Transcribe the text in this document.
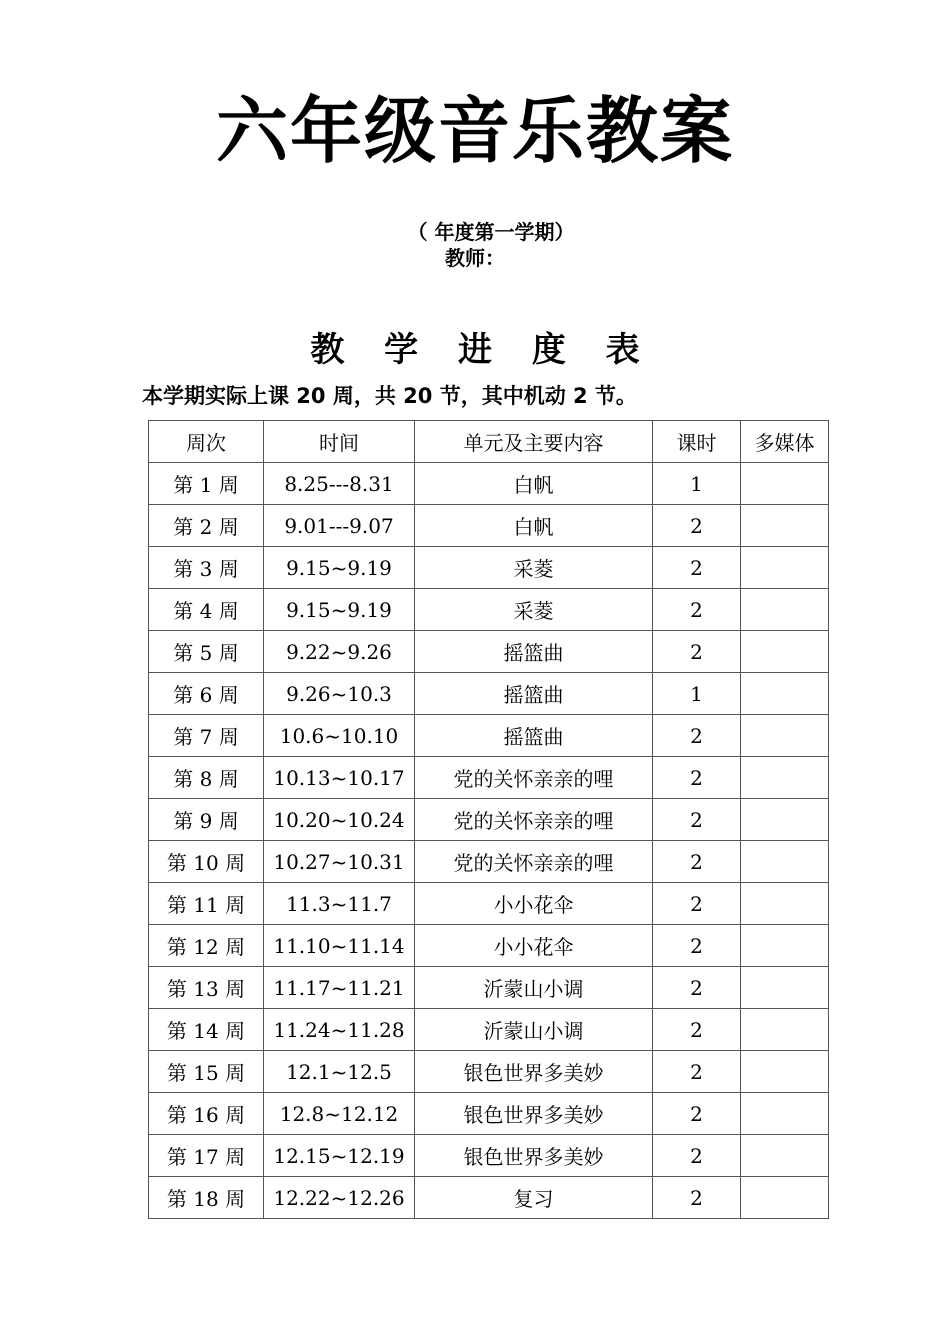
六年级音乐教案
（ 年度第一学期）
教师：
教 学 进 度 表
本学期实际上课 20 周，共 20 节，其中机动 2 节。
周次	时间	单元及主要内容	课时	多媒体
第 1 周	8.25---8.31	白帆	1	
第 2 周	9.01---9.07	白帆	2	
第 3 周	9.15~9.19	采菱	2	
第 4 周	9.15~9.19	采菱	2	
第 5 周	9.22~9.26	摇篮曲	2	
第 6 周	9.26~10.3	摇篮曲	1	
第 7 周	10.6~10.10	摇篮曲	2	
第 8 周	10.13~10.17	党的关怀亲亲的哩	2	
第 9 周	10.20~10.24	党的关怀亲亲的哩	2	
第 10 周	10.27~10.31	党的关怀亲亲的哩	2	
第 11 周	11.3~11.7	小小花伞	2	
第 12 周	11.10~11.14	小小花伞	2	
第 13 周	11.17~11.21	沂蒙山小调	2	
第 14 周	11.24~11.28	沂蒙山小调	2	
第 15 周	12.1~12.5	银色世界多美妙	2	
第 16 周	12.8~12.12	银色世界多美妙	2	
第 17 周	12.15~12.19	银色世界多美妙	2	
第 18 周	12.22~12.26	复习	2	
